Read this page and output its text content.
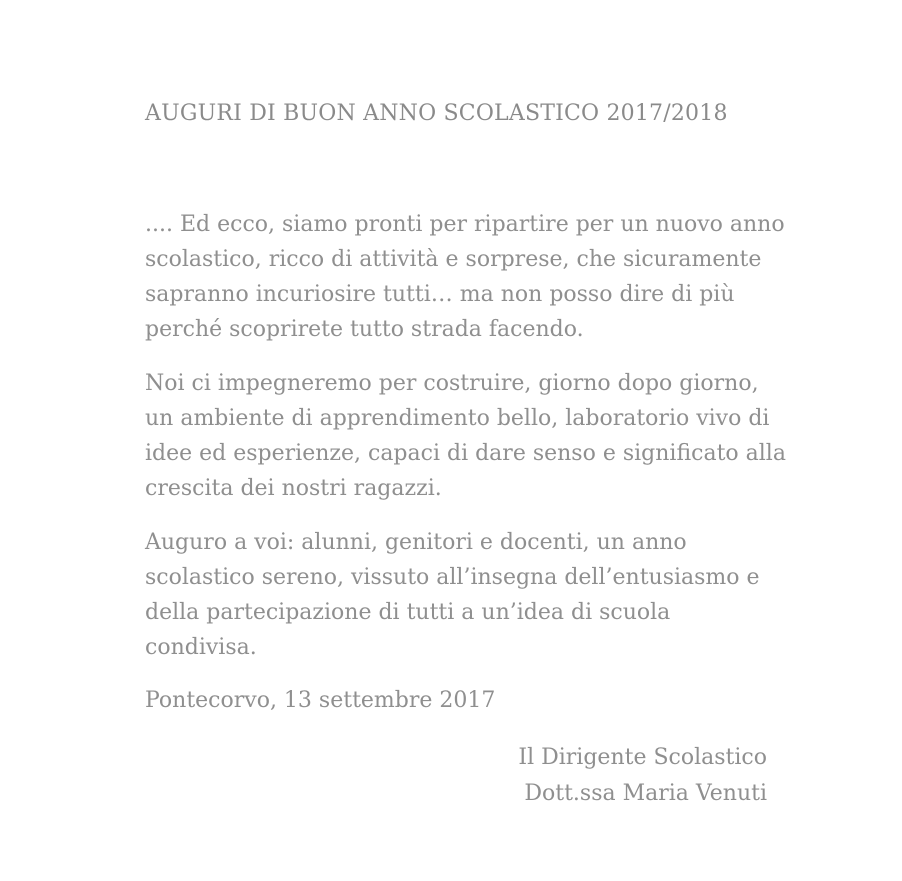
AUGURI DI BUON ANNO SCOLASTICO 2017/2018

.... Ed ecco, siamo pronti per ripartire per un nuovo anno
scolastico, ricco di attività e sorprese, che sicuramente
sapranno incuriosire tutti… ma non posso dire di più
perché scoprirete tutto strada facendo.

Noi ci impegneremo per costruire, giorno dopo giorno,
un ambiente di apprendimento bello, laboratorio vivo di
idee ed esperienze, capaci di dare senso e significato alla
crescita dei nostri ragazzi.

Auguro a voi: alunni, genitori e docenti, un anno
scolastico sereno, vissuto all’insegna dell’entusiasmo e
della partecipazione di tutti a un’idea di scuola
condivisa.

Pontecorvo, 13 settembre 2017
Il Dirigente Scolastico
Dott.ssa Maria Venuti
